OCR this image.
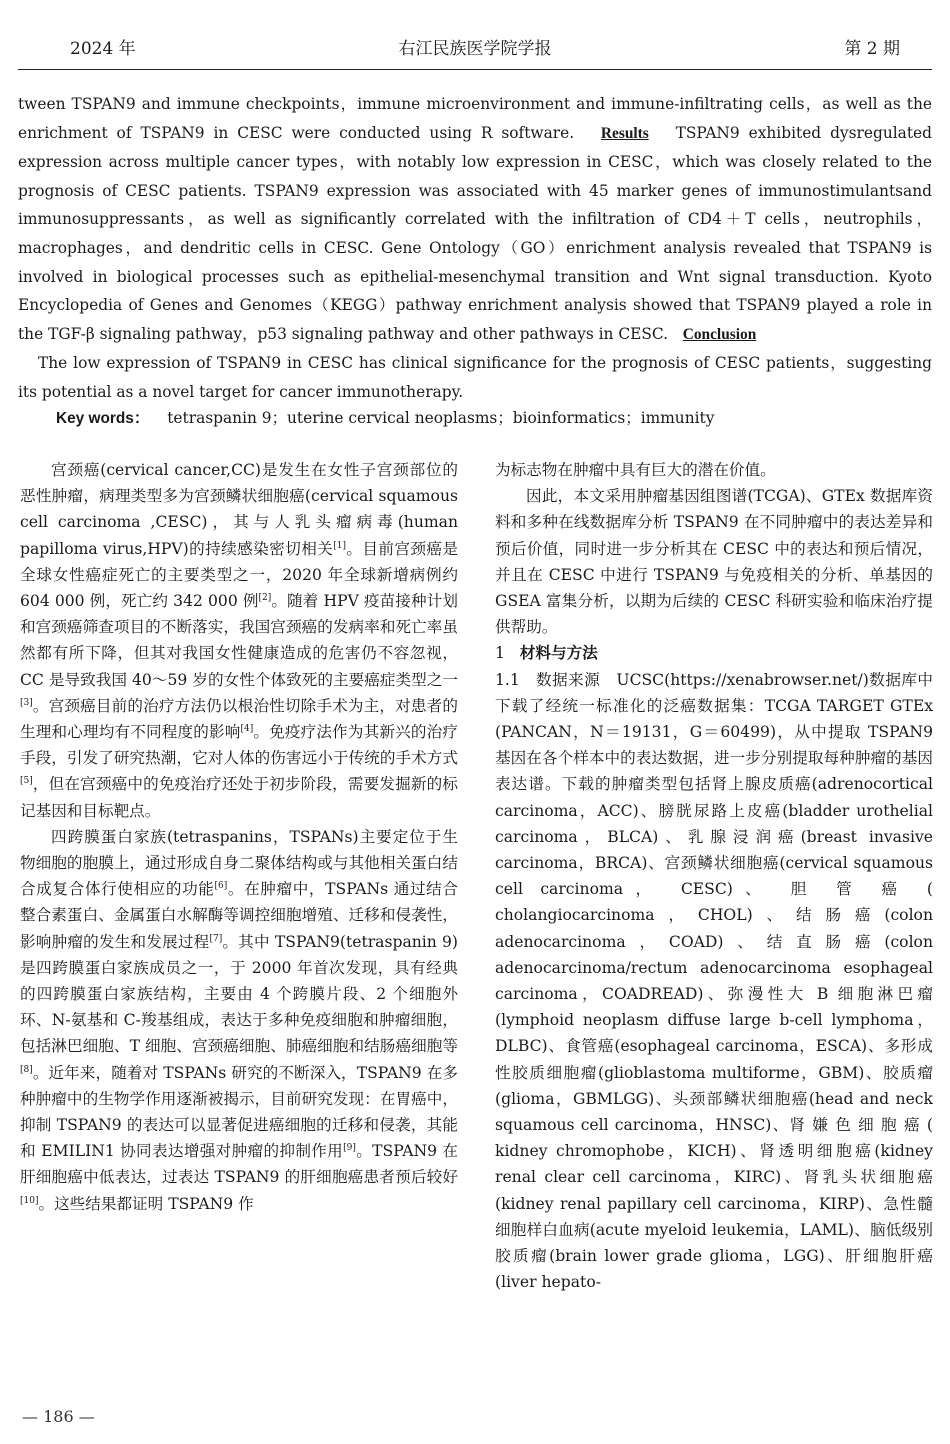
2024 年	右江民族医学院学报	第 2 期

tween TSPAN9 and immune checkpoints，immune microenvironment and immune-infiltrating cells，as well as the enrichment of TSPAN9 in CESC were conducted using R software. Results TSPAN9 exhibited dysregulated expression across multiple cancer types，with notably low expression in CESC，which was closely related to the prognosis of CESC patients. TSPAN9 expression was associated with 45 marker genes of immunostimulantsand immunosuppressants，as well as significantly correlated with the infiltration of CD4＋T cells，neutrophils，macrophages，and dendritic cells in CESC. Gene Ontology（GO）enrichment analysis revealed that TSPAN9 is involved in biological processes such as epithelial-mesenchymal transition and Wnt signal transduction. Kyoto Encyclopedia of Genes and Genomes（KEGG）pathway enrichment analysis showed that TSPAN9 played a role in the TGF-β signaling pathway，p53 signaling pathway and other pathways in CESC. Conclusion

The low expression of TSPAN9 in CESC has clinical significance for the prognosis of CESC patients，suggesting its potential as a novel target for cancer immunotherapy.

Key words： tetraspanin 9；uterine cervical neoplasms；bioinformatics；immunity

宫颈癌(cervical cancer,CC)是发生在女性子宫颈部位的恶性肿瘤，病理类型多为宫颈鳞状细胞癌(cervical squamous cell carcinoma ,CESC)，其与人乳头瘤病毒(human papilloma virus,HPV)的持续感染密切相关[1]。目前宫颈癌是全球女性癌症死亡的主要类型之一，2020 年全球新增病例约 604 000 例，死亡约 342 000 例[2]。随着 HPV 疫苗接种计划和宫颈癌筛查项目的不断落实，我国宫颈癌的发病率和死亡率虽然都有所下降，但其对我国女性健康造成的危害仍不容忽视，CC 是导致我国 40～59 岁的女性个体致死的主要癌症类型之一[3]。宫颈癌目前的治疗方法仍以根治性切除手术为主，对患者的生理和心理均有不同程度的影响[4]。免疫疗法作为其新兴的治疗手段，引发了研究热潮，它对人体的伤害远小于传统的手术方式[5]，但在宫颈癌中的免疫治疗还处于初步阶段，需要发掘新的标记基因和目标靶点。

四跨膜蛋白家族(tetraspanins，TSPANs)主要定位于生物细胞的胞膜上，通过形成自身二聚体结构或与其他相关蛋白结合成复合体行使相应的功能[6]。在肿瘤中，TSPANs 通过结合整合素蛋白、金属蛋白水解酶等调控细胞增殖、迁移和侵袭性，影响肿瘤的发生和发展过程[7]。其中 TSPAN9(tetraspanin 9)是四跨膜蛋白家族成员之一，于 2000 年首次发现，具有经典的四跨膜蛋白家族结构，主要由 4 个跨膜片段、2 个细胞外环、N-氨基和 C-羧基组成，表达于多种免疫细胞和肿瘤细胞，包括淋巴细胞、T 细胞、宫颈癌细胞、肺癌细胞和结肠癌细胞等[8]。近年来，随着对 TSPANs 研究的不断深入，TSPAN9 在多种肿瘤中的生物学作用逐渐被揭示，目前研究发现：在胃癌中，抑制 TSPAN9 的表达可以显著促进癌细胞的迁移和侵袭，其能和 EMILIN1 协同表达增强对肿瘤的抑制作用[9]。TSPAN9 在肝细胞癌中低表达，过表达 TSPAN9 的肝细胞癌患者预后较好[10]。这些结果都证明 TSPAN9 作

为标志物在肿瘤中具有巨大的潜在价值。

因此，本文采用肿瘤基因组图谱(TCGA)、GTEx 数据库资料和多种在线数据库分析 TSPAN9 在不同肿瘤中的表达差异和预后价值，同时进一步分析其在 CESC 中的表达和预后情况，并且在 CESC 中进行 TSPAN9 与免疫相关的分析、单基因的 GSEA 富集分析，以期为后续的 CESC 科研实验和临床治疗提供帮助。

1 材料与方法

1.1 数据来源 UCSC(https://xenabrowser.net/)数据库中下载了经统一标准化的泛癌数据集：TCGA TARGET GTEx (PANCAN，N＝19131，G＝60499)，从中提取 TSPAN9 基因在各个样本中的表达数据，进一步分别提取每种肿瘤的基因表达谱。下载的肿瘤类型包括肾上腺皮质癌(adrenocortical carcinoma，ACC)、膀胱尿路上皮癌(bladder urothelial carcinoma，BLCA)、乳腺浸润癌(breast invasive carcinoma，BRCA)、宫颈鳞状细胞癌(cervical squamous cell carcinoma， CESC)、 胆 管 癌 ( cholangiocarcinoma，CHOL)、结肠癌(colon adenocarcinoma，COAD)、结直肠癌(colon adenocarcinoma/rectum adenocarcinoma esophageal carcinoma，COADREAD)、弥漫性大 B 细胞淋巴瘤(lymphoid neoplasm diffuse large b-cell lymphoma，DLBC)、食管癌(esophageal carcinoma，ESCA)、多形成性胶质细胞瘤(glioblastoma multiforme，GBM)、胶质瘤(glioma，GBMLGG)、头颈部鳞状细胞癌(head and neck squamous cell carcinoma，HNSC)、肾 嫌 色 细 胞 癌 ( kidney chromophobe，KICH)、肾透明细胞癌(kidney renal clear cell carcinoma，KIRC)、肾乳头状细胞癌(kidney renal papillary cell carcinoma，KIRP)、急性髓细胞样白血病(acute myeloid leukemia，LAML)、脑低级别胶质瘤(brain lower grade glioma，LGG)、肝细胞肝癌(liver hepato-

— 186 —
